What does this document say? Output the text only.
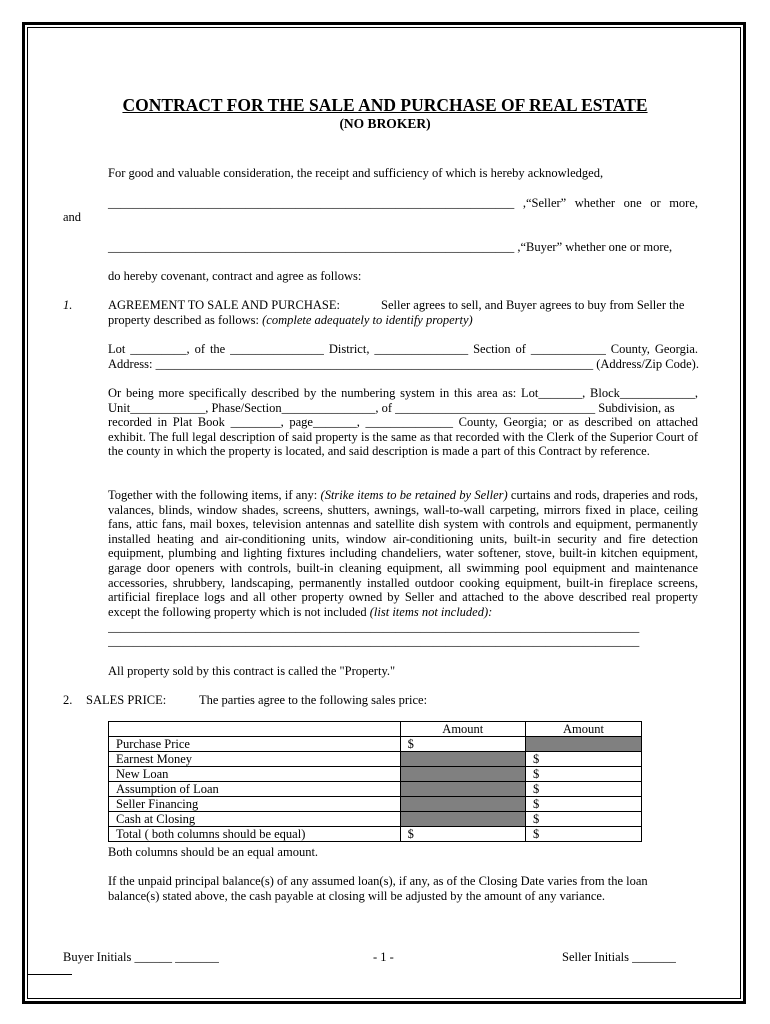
CONTRACT FOR THE SALE AND PURCHASE OF REAL ESTATE
(NO BROKER)
For good and valuable consideration, the receipt and sufficiency of which is hereby acknowledged,
_________________________________________________________________ ,“Seller” whether one or more,
and
_________________________________________________________________ ,“Buyer” whether one or more,
do hereby covenant, contract and agree as follows:
1.	AGREEMENT TO SALE AND PURCHASE:	Seller agrees to sell, and Buyer agrees to buy from Seller the
property described as follows: (complete adequately to identify property)
Lot _________, of the _______________ District, _______________ Section of ____________ County, Georgia.
Address: ______________________________________________________________________ (Address/Zip Code).
Or being more specifically described by the numbering system in this area as: Lot_______, Block____________,
Unit____________, Phase/Section_______________, of ________________________________ Subdivision, as
recorded in Plat Book ________, page_______, ______________ County, Georgia; or as described on attached exhibit. The full legal description of said property is the same as that recorded with the Clerk of the Superior Court of the county in which the property is located, and said description is made a part of this Contract by reference.
Together with the following items, if any: (Strike items to be retained by Seller) curtains and rods, draperies and rods, valances, blinds, window shades, screens, shutters, awnings, wall-to-wall carpeting, mirrors fixed in place, ceiling fans, attic fans, mail boxes, television antennas and satellite dish system with controls and equipment, permanently installed heating and air-conditioning units, window air-conditioning units, built-in security and fire detection equipment, plumbing and lighting fixtures including chandeliers, water softener, stove, built-in kitchen equipment, garage door openers with controls, built-in cleaning equipment, all swimming pool equipment and maintenance accessories, shrubbery, landscaping, permanently installed outdoor cooking equipment, built-in fireplace screens, artificial fireplace logs and all other property owned by Seller and attached to the above described real property except the following property which is not included (list items not included):
_____________________________________________________________________________________
_____________________________________________________________________________________
All property sold by this contract is called the "Property."
2. SALES PRICE:	The parties agree to the following sales price:
	Amount	Amount
Purchase Price	$	
Earnest Money		$
New Loan		$
Assumption of Loan		$
Seller Financing		$
Cash at Closing		$
Total ( both columns should be equal)	$	$
Both columns should be an equal amount.
If the unpaid principal balance(s) of any assumed loan(s), if any, as of the Closing Date varies from the loan balance(s) stated above, the cash payable at closing will be adjusted by the amount of any variance.
Buyer Initials ______ _______	- 1 -	Seller Initials _______
